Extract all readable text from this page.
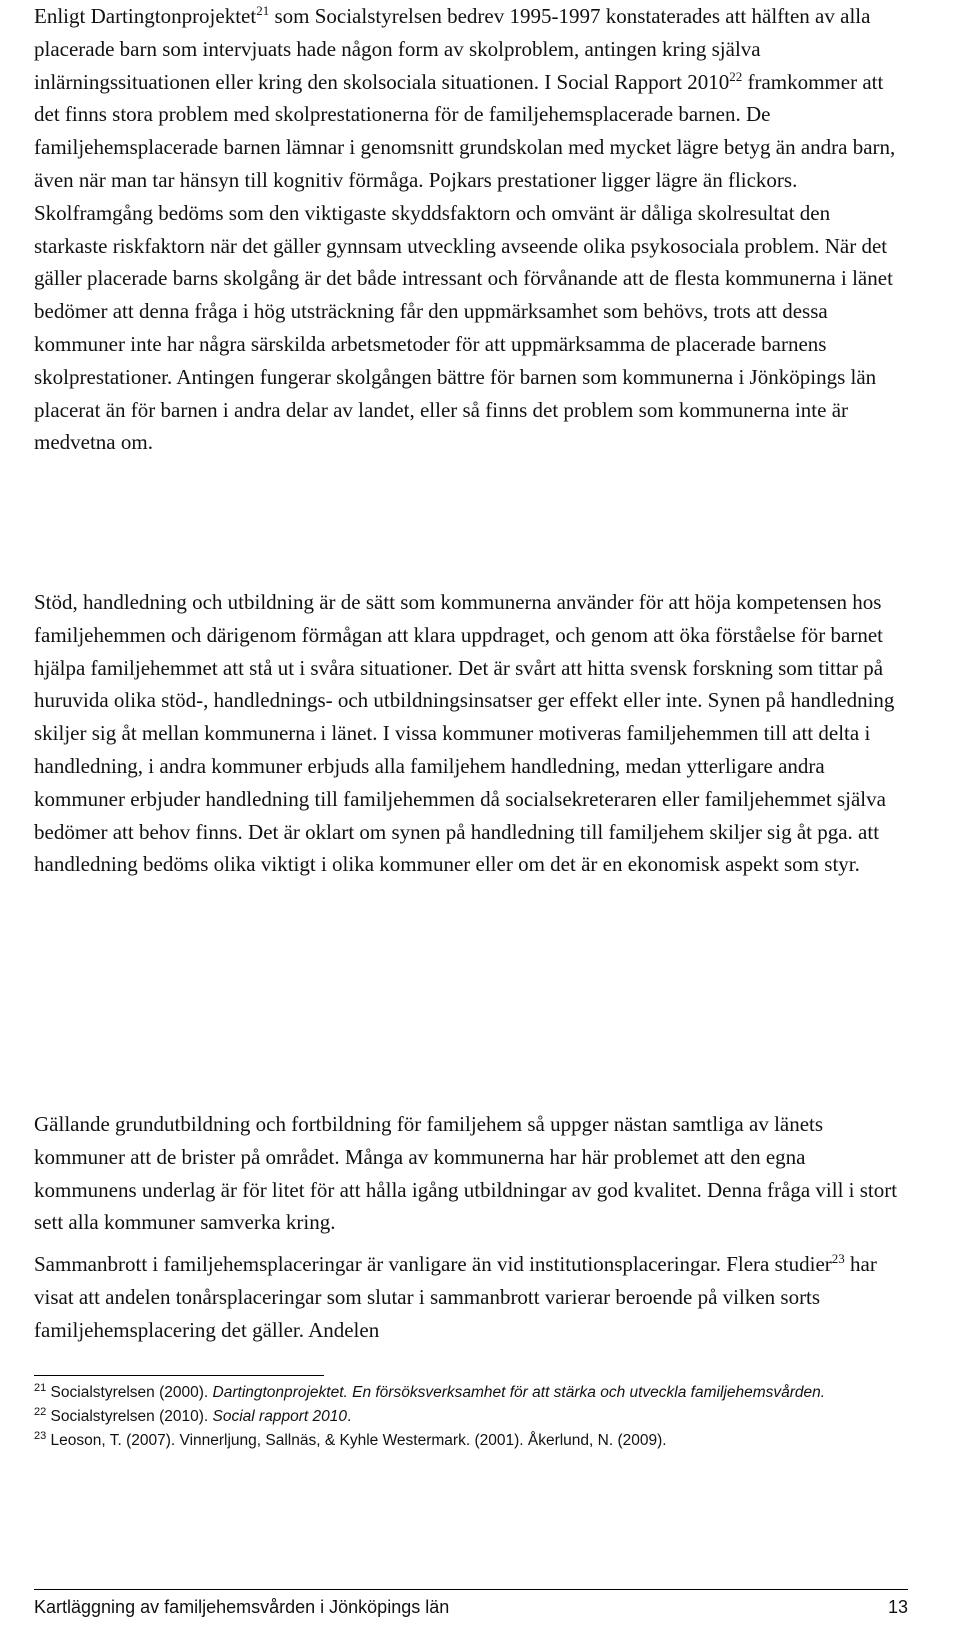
Enligt Dartingtonprojektet$^{21}$ som Socialstyrelsen bedrev 1995-1997 konstaterades att hälften av alla placerade barn som intervjuats hade någon form av skolproblem, antingen kring själva inlärningssituationen eller kring den skolsociala situationen. I Social Rapport 2010$^{22}$ framkommer att det finns stora problem med skolprestationerna för de familjehemsplacerade barnen. De familjehemsplacerade barnen lämnar i genomsnitt grundskolan med mycket lägre betyg än andra barn, även när man tar hänsyn till kognitiv förmåga. Pojkars prestationer ligger lägre än flickors. Skolframgång bedöms som den viktigaste skyddsfaktorn och omvänt är dåliga skolresultat den starkaste riskfaktorn när det gäller gynnsam utveckling avseende olika psykosociala problem. När det gäller placerade barns skolgång är det både intressant och förvånande att de flesta kommunerna i länet bedömer att denna fråga i hög utsträckning får den uppmärksamhet som behövs, trots att dessa kommuner inte har några särskilda arbetsmetoder för att uppmärksamma de placerade barnens skolprestationer. Antingen fungerar skolgången bättre för barnen som kommunerna i Jönköpings län placerat än för barnen i andra delar av landet, eller så finns det problem som kommunerna inte är medvetna om.

Stöd, handledning och utbildning är de sätt som kommunerna använder för att höja kompetensen hos familjehemmen och därigenom förmågan att klara uppdraget, och genom att öka förståelse för barnet hjälpa familjehemmet att stå ut i svåra situationer. Det är svårt att hitta svensk forskning som tittar på huruvida olika stöd-, handlednings- och utbildningsinsatser ger effekt eller inte. Synen på handledning skiljer sig åt mellan kommunerna i länet. I vissa kommuner motiveras familjehemmen till att delta i handledning, i andra kommuner erbjuds alla familjehem handledning, medan ytterligare andra kommuner erbjuder handledning till familjehemmen då socialsekreteraren eller familjehemmet själva bedömer att behov finns. Det är oklart om synen på handledning till familjehem skiljer sig åt pga. att handledning bedöms olika viktigt i olika kommuner eller om det är en ekonomisk aspekt som styr.

Gällande grundutbildning och fortbildning för familjehem så uppger nästan samtliga av länets kommuner att de brister på området. Många av kommunerna har här problemet att den egna kommunens underlag är för litet för att hålla igång utbildningar av god kvalitet. Denna fråga vill i stort sett alla kommuner samverka kring.

Sammanbrott i familjehemsplaceringar är vanligare än vid institutionsplaceringar. Flera studier$^{23}$ har visat att andelen tonårsplaceringar som slutar i sammanbrott varierar beroende på vilken sorts familjehemsplacering det gäller. Andelen

$^{21}$ Socialstyrelsen (2000). Dartingtonprojektet. En försöksverksamhet för att stärka och utveckla familjehemsvården.

$^{22}$ Socialstyrelsen (2010). Social rapport 2010.

$^{23}$ Leoson, T. (2007). Vinnerljung, Sallnäs, & Kyhle Westermark. (2001). Åkerlund, N. (2009).

Kartläggning av familjehemsvården i Jönköpings län	13
